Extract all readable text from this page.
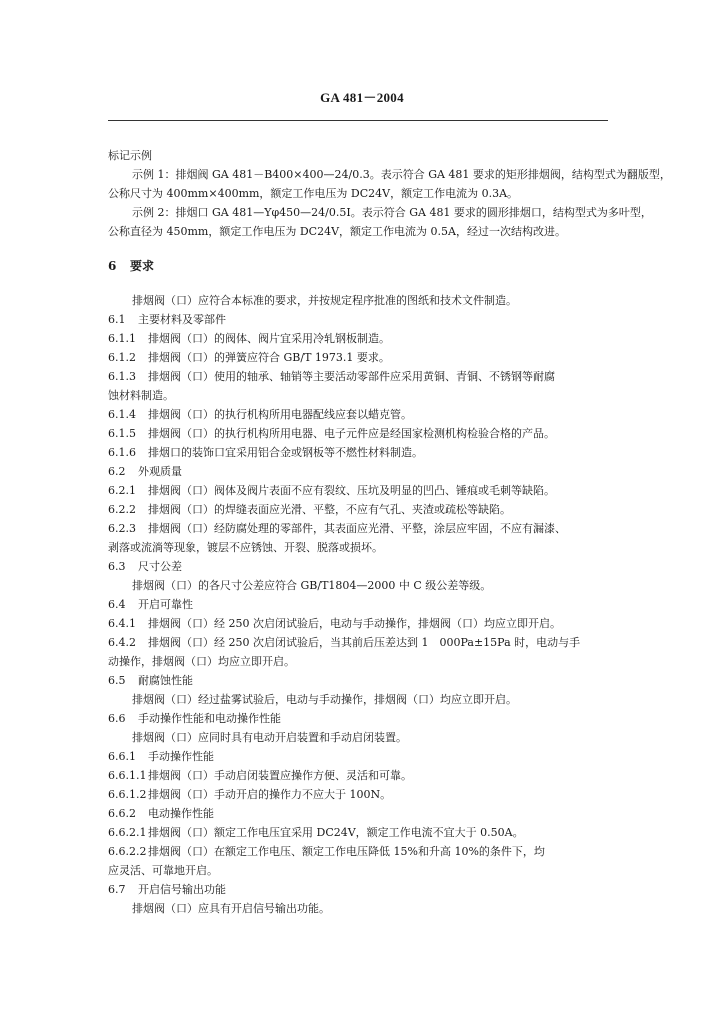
GA 481－2004
标记示例
示例 1：排烟阀 GA 481－B400×400—24/0.3。表示符合 GA 481 要求的矩形排烟阀，结构型式为翻版型，
公称尺寸为 400mm×400mm，额定工作电压为 DC24V，额定工作电流为 0.3A。
示例 2：排烟口 GA 481—Yφ450—24/0.5I。表示符合 GA 481 要求的圆形排烟口，结构型式为多叶型，
公称直径为 450mm，额定工作电压为 DC24V，额定工作电流为 0.5A，经过一次结构改进。
6 要求
排烟阀（口）应符合本标准的要求，并按规定程序批准的图纸和技术文件制造。
6.1 主要材料及零部件
6.1.1 排烟阀（口）的阀体、阀片宜采用冷轧钢板制造。
6.1.2 排烟阀（口）的弹簧应符合 GB/T 1973.1 要求。
6.1.3 排烟阀（口）使用的轴承、轴销等主要活动零部件应采用黄铜、青铜、不锈钢等耐腐
蚀材料制造。
6.1.4 排烟阀（口）的执行机构所用电器配线应套以蜡克管。
6.1.5 排烟阀（口）的执行机构所用电器、电子元件应是经国家检测机构检验合格的产品。
6.1.6 排烟口的装饰口宜采用铝合金或钢板等不燃性材料制造。
6.2 外观质量
6.2.1 排烟阀（口）阀体及阀片表面不应有裂纹、压坑及明显的凹凸、锤痕或毛刺等缺陷。
6.2.2 排烟阀（口）的焊缝表面应光滑、平整，不应有气孔、夹渣或疏松等缺陷。
6.2.3 排烟阀（口）经防腐处理的零部件，其表面应光滑、平整，涂层应牢固，不应有漏漆、
剥落或流淌等现象，镀层不应锈蚀、开裂、脱落或损坏。
6.3 尺寸公差
排烟阀（口）的各尺寸公差应符合 GB/T1804—2000 中 C 级公差等级。
6.4 开启可靠性
6.4.1 排烟阀（口）经 250 次启闭试验后，电动与手动操作，排烟阀（口）均应立即开启。
6.4.2 排烟阀（口）经 250 次启闭试验后，当其前后压差达到 1　000Pa±15Pa 时，电动与手
动操作，排烟阀（口）均应立即开启。
6.5 耐腐蚀性能
排烟阀（口）经过盐雾试验后，电动与手动操作，排烟阀（口）均应立即开启。
6.6 手动操作性能和电动操作性能
排烟阀（口）应同时具有电动开启装置和手动启闭装置。
6.6.1 手动操作性能
6.6.1.1 排烟阀（口）手动启闭装置应操作方便、灵活和可靠。
6.6.1.2 排烟阀（口）手动开启的操作力不应大于 100N。
6.6.2 电动操作性能
6.6.2.1 排烟阀（口）额定工作电压宜采用 DC24V，额定工作电流不宜大于 0.50A。
6.6.2.2 排烟阀（口）在额定工作电压、额定工作电压降低 15%和升高 10%的条件下，均
应灵活、可靠地开启。
6.7 开启信号输出功能
排烟阀（口）应具有开启信号输出功能。
